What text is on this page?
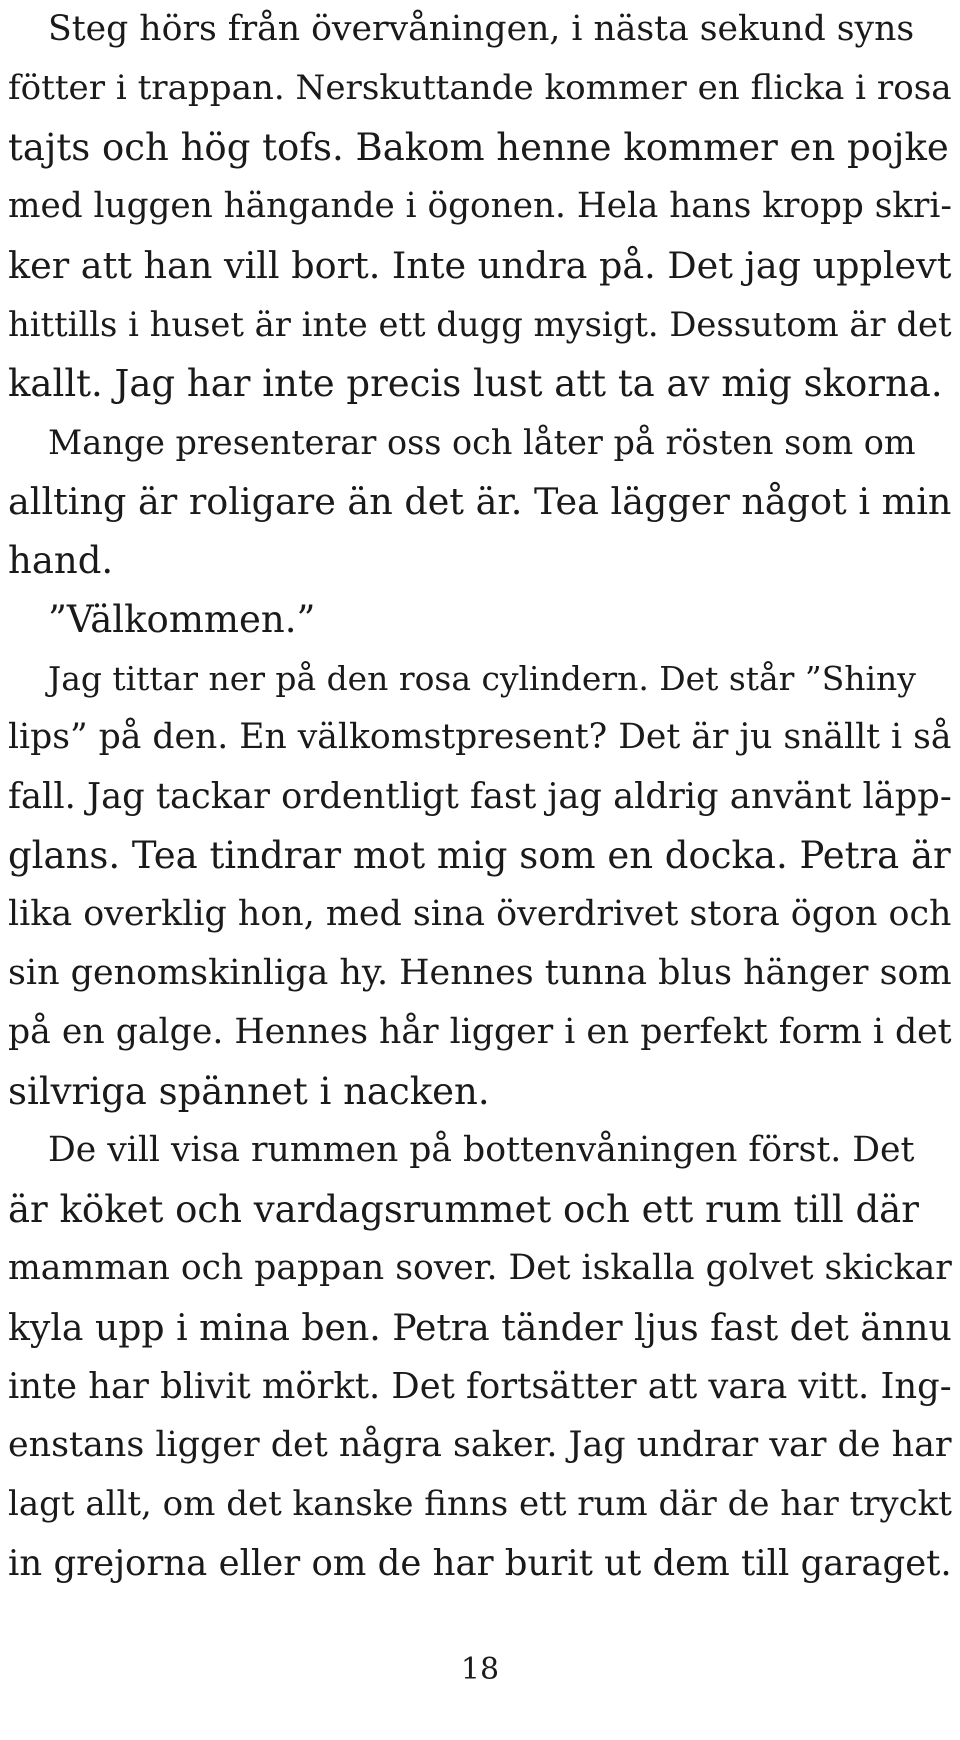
Steg hörs från övervåningen, i nästa sekund syns
fötter i trappan. Nerskuttande kommer en flicka i rosa
tajts och hög tofs. Bakom henne kommer en pojke
med luggen hängande i ögonen. Hela hans kropp skri-
ker att han vill bort. Inte undra på. Det jag upplevt
hittills i huset är inte ett dugg mysigt. Dessutom är det
kallt. Jag har inte precis lust att ta av mig skorna.

Mange presenterar oss och låter på rösten som om
allting är roligare än det är. Tea lägger något i min
hand.

”Välkommen.”

Jag tittar ner på den rosa cylindern. Det står ”Shiny
lips” på den. En välkomstpresent? Det är ju snällt i så
fall. Jag tackar ordentligt fast jag aldrig använt läpp-
glans. Tea tindrar mot mig som en docka. Petra är
lika overklig hon, med sina överdrivet stora ögon och
sin genomskinliga hy. Hennes tunna blus hänger som
på en galge. Hennes hår ligger i en perfekt form i det
silvriga spännet i nacken.

De vill visa rummen på bottenvåningen först. Det
är köket och vardagsrummet och ett rum till där
mamman och pappan sover. Det iskalla golvet skickar
kyla upp i mina ben. Petra tänder ljus fast det ännu
inte har blivit mörkt. Det fortsätter att vara vitt. Ing-
enstans ligger det några saker. Jag undrar var de har
lagt allt, om det kanske finns ett rum där de har tryckt
in grejorna eller om de har burit ut dem till garaget.

18
